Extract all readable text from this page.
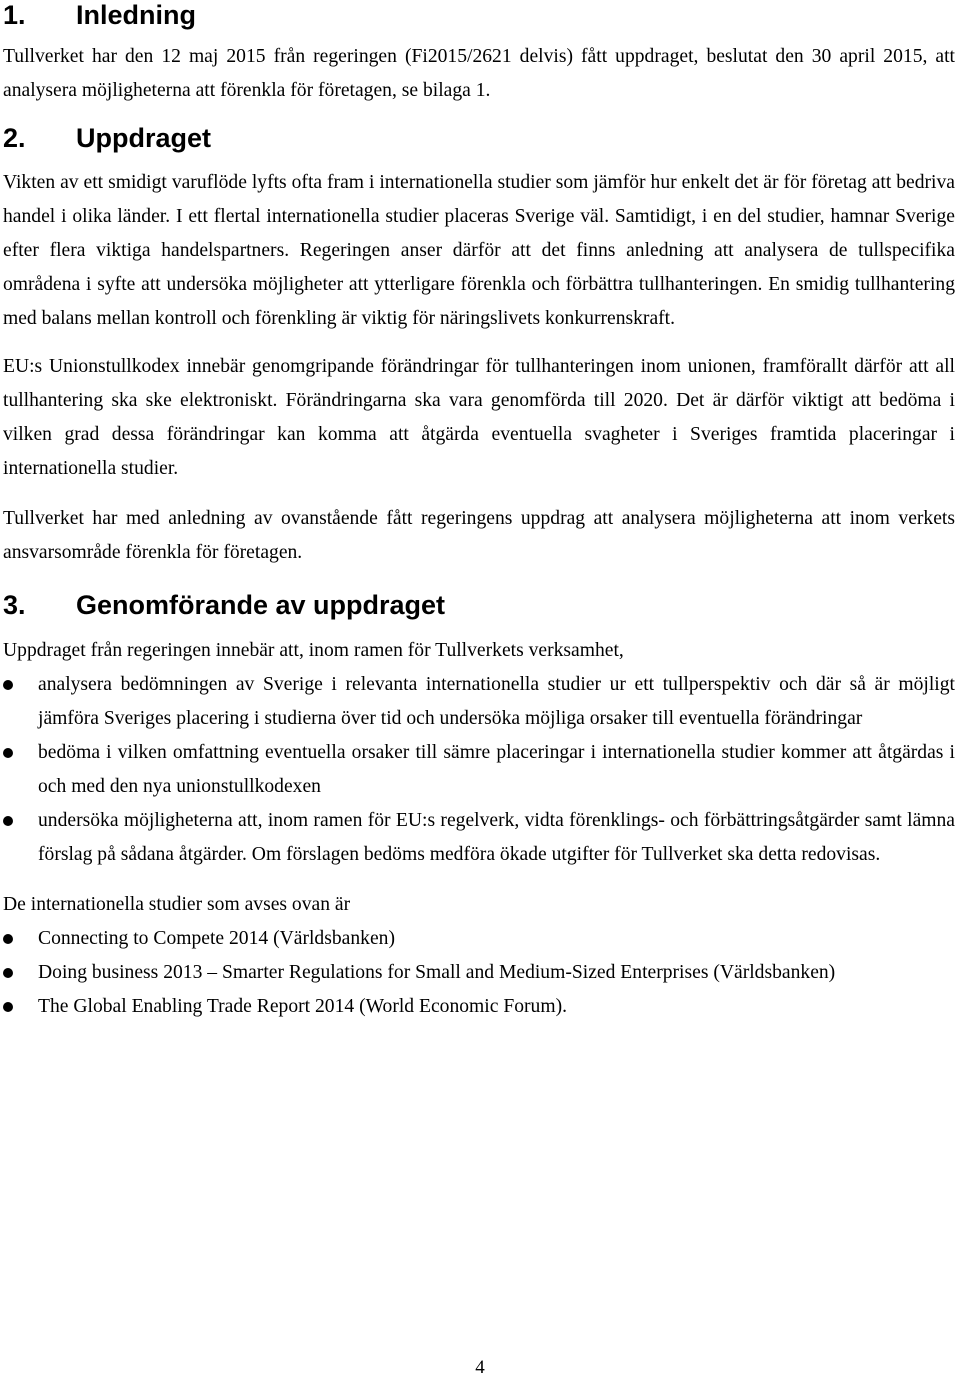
1.	Inledning

Tullverket har den 12 maj 2015 från regeringen (Fi2015/2621 delvis) fått uppdraget, beslutat den 30 april 2015, att analysera möjligheterna att förenkla för företagen, se bilaga 1.

2.	Uppdraget

Vikten av ett smidigt varuflöde lyfts ofta fram i internationella studier som jämför hur enkelt det är för företag att bedriva handel i olika länder. I ett flertal internationella studier placeras Sverige väl. Samtidigt, i en del studier, hamnar Sverige efter flera viktiga handelspartners. Regeringen anser därför att det finns anledning att analysera de tullspecifika områdena i syfte att undersöka möjligheter att ytterligare förenkla och förbättra tullhanteringen. En smidig tullhantering med balans mellan kontroll och förenkling är viktig för näringslivets konkurrenskraft.

EU:s Unionstullkodex innebär genomgripande förändringar för tullhanteringen inom unionen, framförallt därför att all tullhantering ska ske elektroniskt. Förändringarna ska vara genomförda till 2020. Det är därför viktigt att bedöma i vilken grad dessa förändringar kan komma att åtgärda eventuella svagheter i Sveriges framtida placeringar i internationella studier.

Tullverket har med anledning av ovanstående fått regeringens uppdrag att analysera möjligheterna att inom verkets ansvarsområde förenkla för företagen.

3.	Genomförande av uppdraget

Uppdraget från regeringen innebär att, inom ramen för Tullverkets verksamhet,

analysera bedömningen av Sverige i relevanta internationella studier ur ett tullperspektiv och där så är möjligt jämföra Sveriges placering i studierna över tid och undersöka möjliga orsaker till eventuella förändringar
bedöma i vilken omfattning eventuella orsaker till sämre placeringar i internationella studier kommer att åtgärdas i och med den nya unionstullkodexen
undersöka möjligheterna att, inom ramen för EU:s regelverk, vidta förenklings- och förbättringsåtgärder samt lämna förslag på sådana åtgärder. Om förslagen bedöms medföra ökade utgifter för Tullverket ska detta redovisas.

De internationella studier som avses ovan är

Connecting to Compete 2014 (Världsbanken)
Doing business 2013 – Smarter Regulations for Small and Medium-Sized Enterprises (Världsbanken)
The Global Enabling Trade Report 2014 (World Economic Forum).
4
